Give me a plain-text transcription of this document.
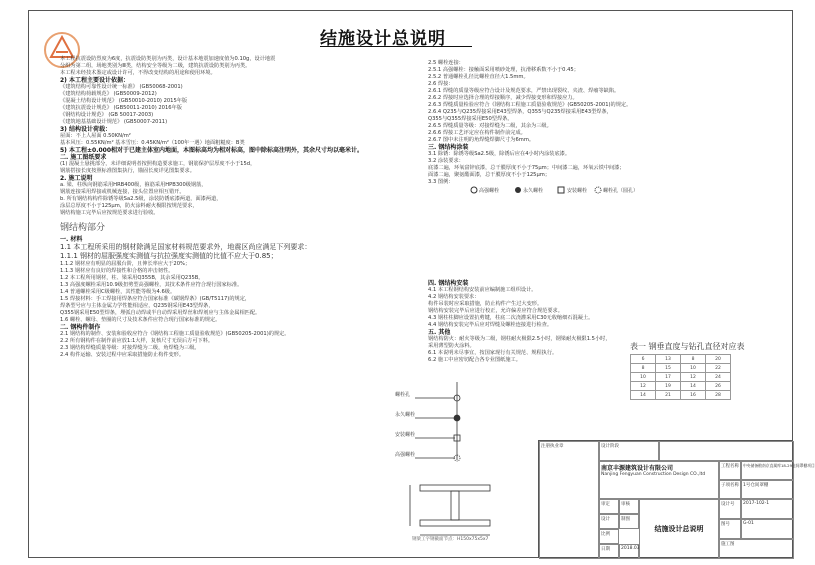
结施设计总说明
本工程抗震设防烈度为6度，抗震设防类别为丙类，设计基本地震加速度值为0.10g，设计地震
分组为第二组，场地类别为Ⅲ类，结构安全等级为二级，建筑抗震设防类别为丙类。
本工程未经技术鉴定或设计许可，不得改变结构的用途和使用环境。
2) 本工程主要设计依据：
《建筑结构可靠性设计统一标准》 (GB50068-2001)
《建筑结构荷载规范》 (GB50009-2012)
《混凝土结构设计规范》 (GB50010-2010) 2015年版
《建筑抗震设计规范》 (GB50011-2010) 2016年版
《钢结构设计规范》 (GB 50017-2003)
《建筑地基基础设计规范》 (GB50007-2011)
3) 结构设计荷载：
屋面：不上人屋面 0.50KN/m²
基本风压：0.55KN/m² 基本雪压：0.45KN/m²（100年一遇）地面粗糙度：B类
5) 本工程±0.000相对于已建主体室内地面，本图标高均为相对标高，图中除标高注明外，其余尺寸均以毫米计。
二. 施工图纸要求
(1) 混凝土悬挑部分，未详细说明者按照构造要求施工，钢筋保护层厚度不小于15d，
钢筋搭接长度按照标准图集执行，锚固长度详见图集要求。
2. 施工说明
a. 梁、柱纵向钢筋采用HRB400级，箍筋采用HPB300级钢筋，
钢筋连接采用焊接或机械连接，接头位置应相互错开。
b. 所有钢结构构件除锈等级Sa2.5级，涂装防锈底漆两道，面漆两道，
涂层总厚度不小于125μm，防火涂料耐火极限按规范要求，
钢结构施工完毕后应按规范要求进行验收。
钢结构部分
一. 材料
1.1 本工程所采用的钢材除满足国家材料规范要求外，地震区尚应满足下列要求：
1.1.1 钢材的屈服强度实测值与抗拉强度实测值的比值不应大于0.85；
1.1.2 钢材应有明显的屈服台阶，且伸长率应大于20%；
1.1.3 钢材应有良好的焊接性和合格的冲击韧性。
1.2 本工程所用钢材，柱、梁采用Q355B，其余采用Q235B。
1.3 高强度螺栓采用10.9级扭剪型高强螺栓，其技术条件应符合现行国家标准。
1.4 普通螺栓采用C级螺栓，其性能等级为4.6级。
1.5 焊接材料：手工焊接用焊条应符合国家标准《碳钢焊条》(GB/T5117)的规定，
焊条型号应与主体金属力学性能相适应，Q235钢采用E43型焊条，
Q355钢采用E50型焊条，埋弧自动焊或半自动焊采用焊丝和焊剂应与主体金属相匹配。
1.6 螺栓、螺母、垫圈的尺寸及技术条件应符合现行国家标准的规定。
二. 钢构件制作
2.1 钢结构的制作、安装和验收应符合《钢结构工程施工质量验收规范》(GB50205-2001)的规定。
2.2 所有钢构件在制作前应放1:1大样，复核尺寸无误后方可下料。
2.3 钢结构焊缝质量等级：对接焊缝为二级，角焊缝为三级。
2.4 构件运输、安装过程中应采取措施防止构件变形。
2.5 螺栓连接：
2.5.1 高强螺栓：接触面采用喷砂处理，抗滑移系数不小于0.45；
2.5.2 普通螺栓孔径比螺栓直径大1.5mm。
2.6 焊接：
2.6.1 焊缝的质量等级应符合设计及规范要求，严禁出现裂纹、夹渣、焊瘤等缺陷。
2.6.2 焊接时应选择合理的焊接顺序，减少焊接变形和焊接应力。
2.6.3 焊缝质量检验应符合《钢结构工程施工质量验收规范》(GB50205-2001)的规定。
2.6.4 Q235与Q235焊接采用E43型焊条，Q355与Q235焊接采用E43型焊条，
Q355与Q355焊接采用E50型焊条。
2.6.5 焊缝质量等级：对接焊缝为二级，其余为三级。
2.6.6 焊接工艺评定应在构件制作前完成。
2.6.7 图中未注明的角焊缝焊脚尺寸为6mm。
三. 钢结构涂装
3.1 除锈：除锈等级Sa2.5级，除锈后应在4小时内涂装底漆。
3.2 涂装要求：
底漆二遍，环氧富锌底漆，总干膜厚度不小于75μm；中间漆二遍，环氧云铁中间漆；
面漆二遍，聚氨酯面漆，总干膜厚度不小于125μm；
3.3 图例：
高强螺栓	永久螺栓	安装螺栓	螺栓孔（圆孔）
四. 钢结构安装
4.1 本工程钢结构安装前应编制施工组织设计。
4.2 钢结构安装要求：
构件吊装时应采取措施，防止构件产生过大变形。
钢结构安装完毕后应进行校正，允许偏差应符合规范要求。
4.3 钢柱柱脚应设置抗剪键，柱底二次浇灌采用C30无收缩细石混凝土。
4.4 钢结构安装完毕后应对焊缝及螺栓连接进行检查。
五. 其他
钢结构防火：耐火等级为二级，钢柱耐火极限2.5小时，钢梁耐火极限1.5小时，
采用薄型防火涂料。
6.1 本说明未尽事宜，按国家现行有关规范、规程执行。
6.2 施工中应密切配合各专业图纸施工。
表一 钢垂直度与钻孔直径对应表
6	13	8	20
8	15	10	22
10	17	12	24
12	19	14	26
14	21	16	28
螺栓孔
永久螺栓
安装螺栓
高强螺栓
钢梁工字钢截面节点：H150x75x5x7
注册执业章	设计阶段
南京丰源建筑设计有限公司
Nanjing Fengyuan Construction Design CO.,ltd
工程名称	中央储备粮南京直属库18-29仓间罩棚项目
子项名称 1号仓间罩棚
审定	审核
设计	制图
比例
日期	2018.03
结施设计总说明
设计号	2017-102-1
图号	G-01
施工图
